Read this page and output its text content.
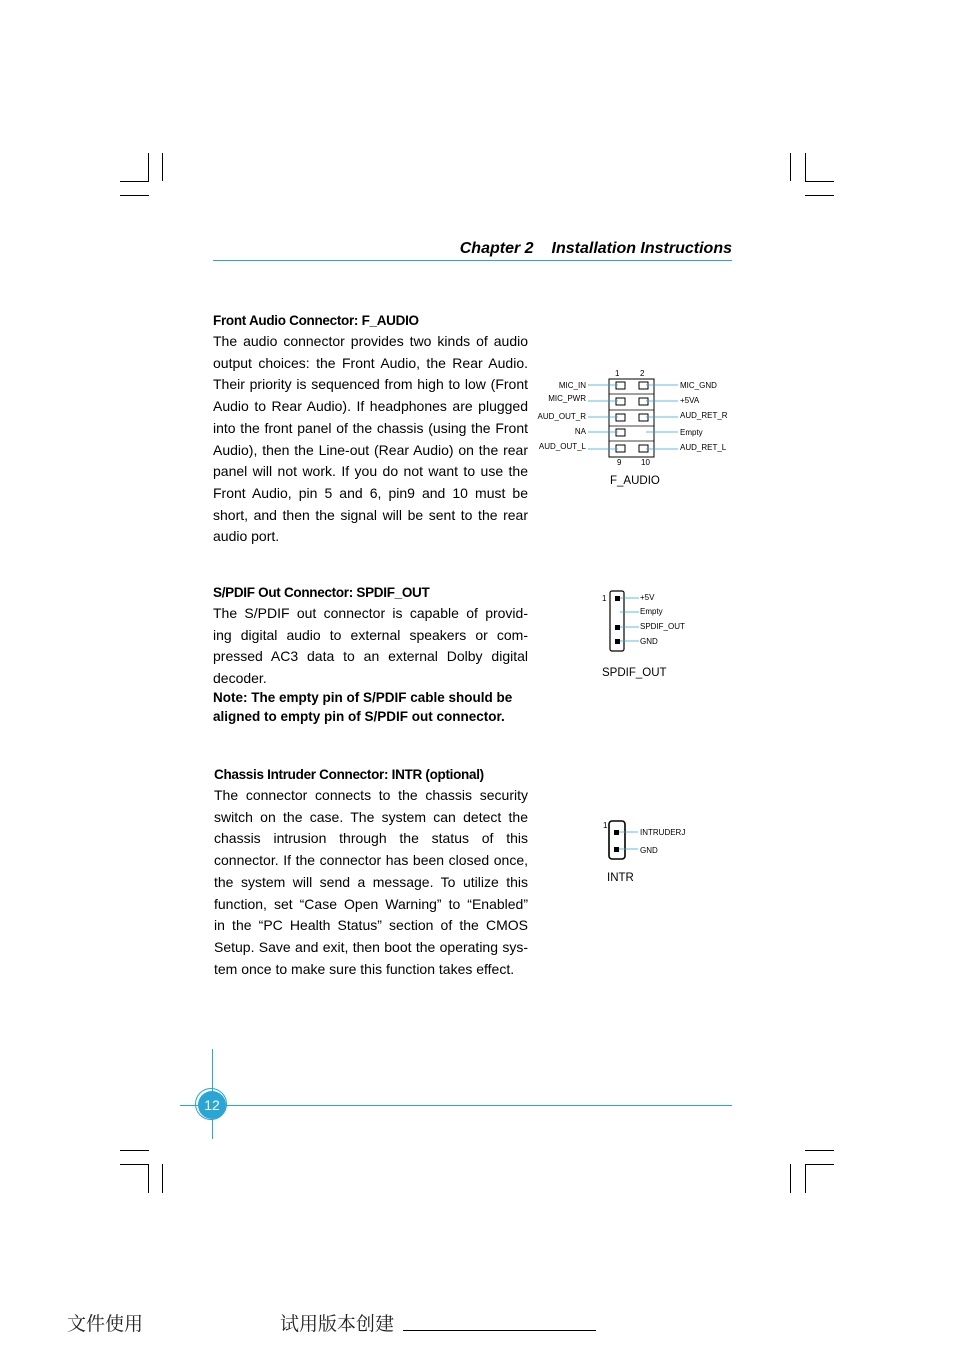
Chapter 2 Installation Instructions
Front Audio Connector: F_AUDIO
The audio connector provides two kinds of audio
output choices: the Front Audio, the Rear Audio.
Their priority is sequenced from high to low (Front
Audio to Rear Audio). If headphones are plugged
into the front panel of the chassis (using the Front
Audio), then the Line-out (Rear Audio) on the rear
panel will not work. If you do not want to use the
Front Audio, pin 5 and 6, pin9 and 10 must be
short, and then the signal will be sent to the rear
audio port.
1	2
MIC_IN
MIC_PWR
AUD_OUT_R
NA
AUD_OUT_L
MIC_GND
+5VA
AUD_RET_R
Empty
AUD_RET_L
9 10
F_AUDIO
S/PDIF Out Connector: SPDIF_OUT
The S/PDIF out connector is capable of provid-
ing digital audio to external speakers or com-
pressed AC3 data to an external Dolby digital
decoder.
Note: The empty pin of S/PDIF cable should be
aligned to empty pin of S/PDIF out connector.
1	+5V
Empty
SPDIF_OUT
GND
SPDIF_OUT
Chassis Intruder Connector: INTR (optional)
The connector connects to the chassis security
switch on the case. The system can detect the
chassis intrusion through the status of this
connector. If the connector has been closed once,
the system will send a message. To utilize this
function, set “Case Open Warning” to “Enabled”
in the “PC Health Status” section of the CMOS
Setup. Save and exit, then boot the operating sys-
tem once to make sure this function takes effect.
1
INTRUDERJ
GND
INTR
12
文件使用	试用版本创建
